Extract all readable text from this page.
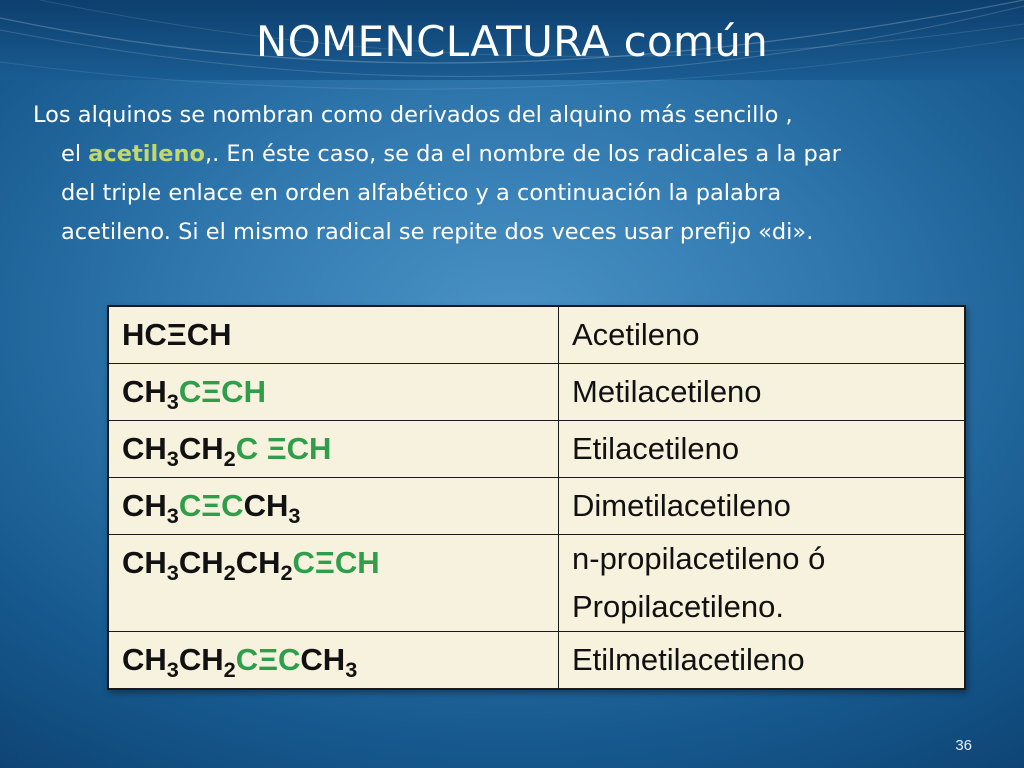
NOMENCLATURA común
Los alquinos se nombran como derivados del alquino más sencillo ,
el acetileno,. En éste caso, se da el nombre de los radicales a la par
del triple enlace en orden alfabético y a continuación la palabra
acetileno. Si el mismo radical se repite dos veces usar prefijo «di».
HCΞCH	Acetileno

$CH_3C\Xi CH$	Metilacetileno

$CH_3CH_2C$ ΞCH	Etilacetileno

$CH_3C\Xi CCH_3$	Dimetilacetileno

$CH_3CH_2CH_2C\Xi CH$	n-propilacetileno ó
Propilacetileno.

$CH_3CH_2C\Xi CCH_3$	Etilmetilacetileno
36
